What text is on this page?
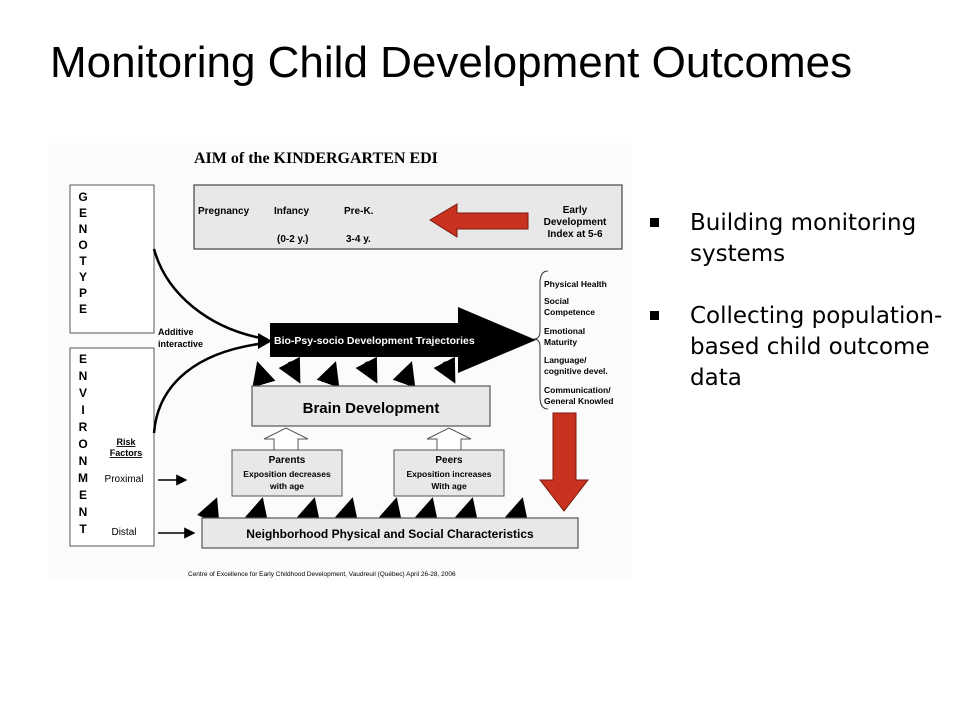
Monitoring Child Development Outcomes
AIM of the KINDERGARTEN EDI
G
E
N
O
T
Y
P
E
E
N
V
I
R
O
N
M
E
N
T
Risk
Factors
Proximal
Distal
Pregnancy Infancy
(0-2 y.)
Pre-K.
3-4 y.
Early
Development
Index at 5-6
Additive
interactive	Bio-Psy-socio Development Trajectories
Physical Health
Social
Competence
Emotional
Maturity
Language/
cognitive devel.
Communication/
General Knowled
Brain Development
Parents
Exposition decreases
with age
Peers
Exposition increases
With age
Neighborhood Physical and Social Characteristics
Centre of Excellence for Early Childhood Development, Vaudreuil (Québec) April 26-28, 2006
Building monitoring systems
Collecting population-based child outcome data
